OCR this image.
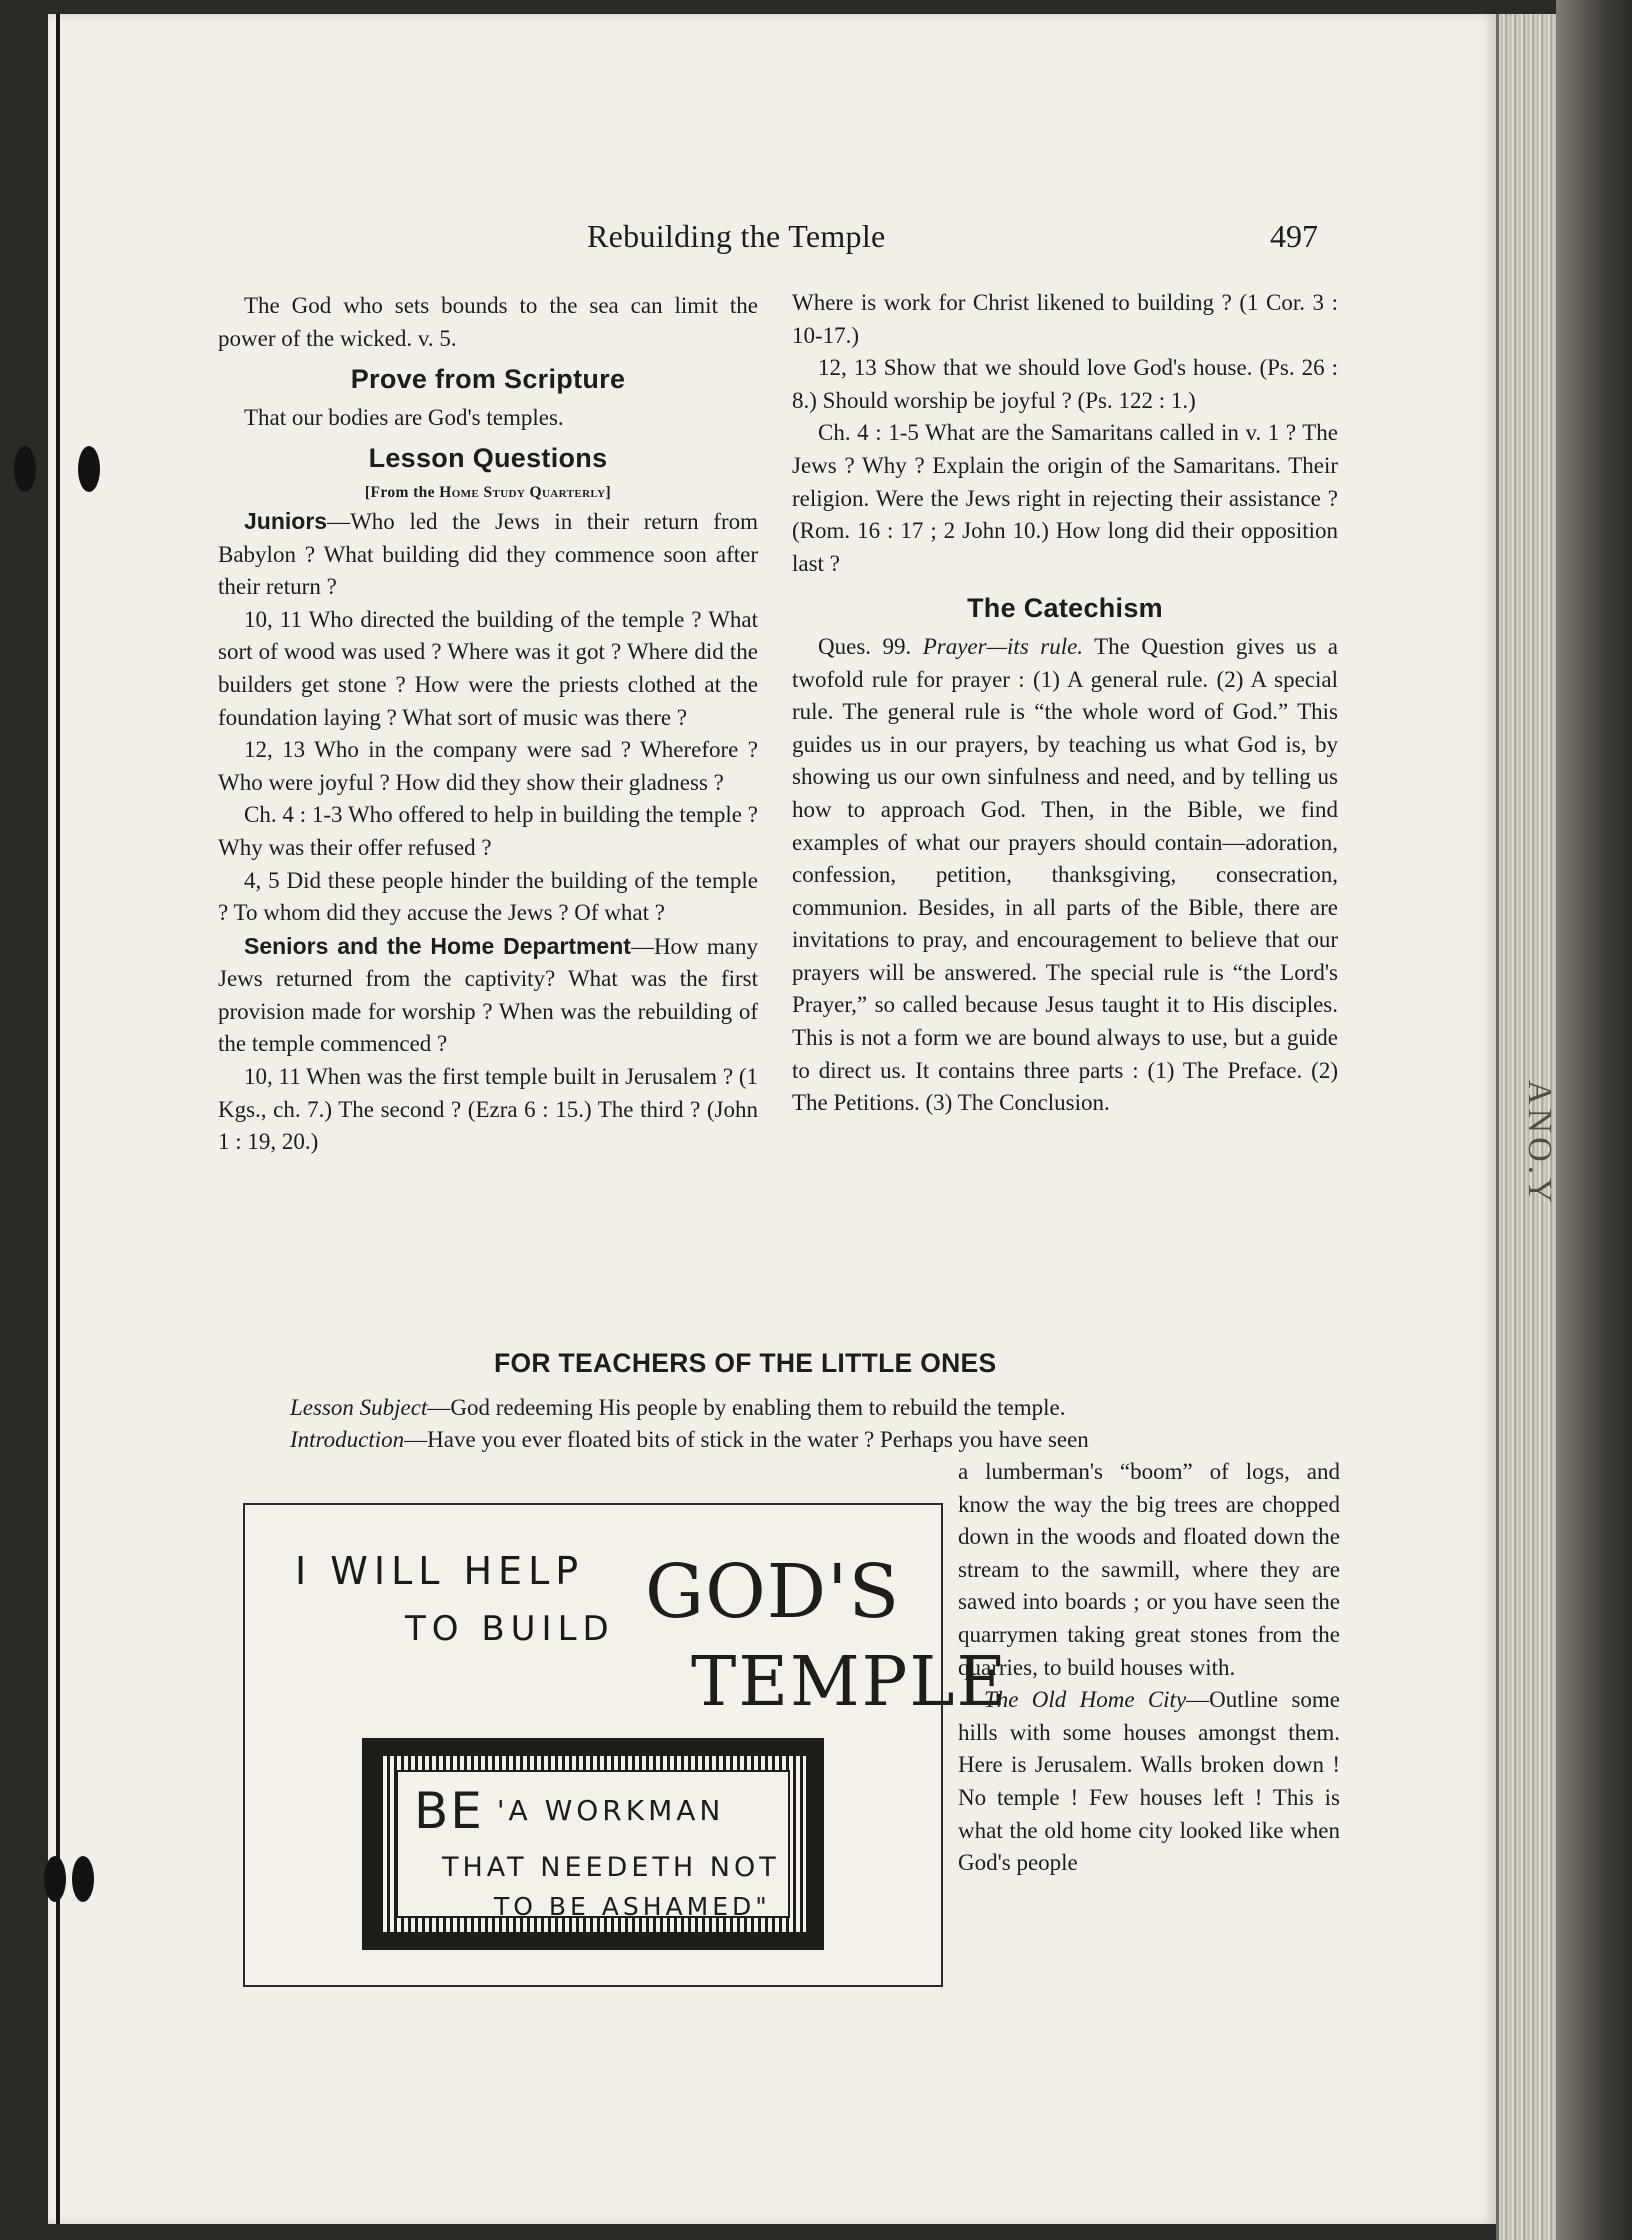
ANO.Y
Rebuilding the Temple	497

The God who sets bounds to the sea can limit the power of the wicked. v. 5.

Prove from Scripture

That our bodies are God's temples.

Lesson Questions
[From the Home Study Quarterly]

Juniors—Who led the Jews in their return from Babylon ? What building did they commence soon after their return ?

10, 11 Who directed the building of the temple ? What sort of wood was used ? Where was it got ? Where did the builders get stone ? How were the priests clothed at the foundation laying ? What sort of music was there ?

12, 13 Who in the company were sad ? Wherefore ? Who were joyful ? How did they show their gladness ?

Ch. 4 : 1-3 Who offered to help in building the temple ? Why was their offer refused ?

4, 5 Did these people hinder the building of the temple ? To whom did they accuse the Jews ? Of what ?

Seniors and the Home Department—How many Jews returned from the captivity? What was the first provision made for worship ? When was the rebuilding of the temple commenced ?

10, 11 When was the first temple built in Jerusalem ? (1 Kgs., ch. 7.) The second ? (Ezra 6 : 15.) The third ? (John 1 : 19, 20.)

Where is work for Christ likened to building ? (1 Cor. 3 : 10-17.)

12, 13 Show that we should love God's house. (Ps. 26 : 8.) Should worship be joyful ? (Ps. 122 : 1.)

Ch. 4 : 1-5 What are the Samaritans called in v. 1 ? The Jews ? Why ? Explain the origin of the Samaritans. Their religion. Were the Jews right in rejecting their assistance ? (Rom. 16 : 17 ; 2 John 10.) How long did their opposition last ?

The Catechism

Ques. 99. Prayer—its rule. The Question gives us a twofold rule for prayer : (1) A general rule. (2) A special rule. The general rule is “the whole word of God.” This guides us in our prayers, by teaching us what God is, by showing us our own sinfulness and need, and by telling us how to approach God. Then, in the Bible, we find examples of what our prayers should contain—adoration, confession, petition, thanksgiving, consecration, communion. Besides, in all parts of the Bible, there are invitations to pray, and encouragement to believe that our prayers will be answered. The special rule is “the Lord's Prayer,” so called because Jesus taught it to His disciples. This is not a form we are bound always to use, but a guide to direct us. It contains three parts : (1) The Preface. (2) The Petitions. (3) The Conclusion.

FOR TEACHERS OF THE LITTLE ONES
Lesson Subject—God redeeming His people by enabling them to rebuild the temple.
Introduction—Have you ever floated bits of stick in the water ? Perhaps you have seen

a lumberman's “boom” of logs, and know the way the big trees are chopped down in the woods and floated down the stream to the sawmill, where they are sawed into boards ; or you have seen the quarrymen taking great stones from the quarries, to build houses with.

The Old Home City—Outline some hills with some houses amongst them. Here is Jerusalem. Walls broken down ! No temple ! Few houses left ! This is what the old home city looked like when God's people

I WILL HELP
TO BUILD GOD'S
TEMPLE
BE 'A WORKMAN
THAT NEEDETH NOT
TO BE ASHAMED"
